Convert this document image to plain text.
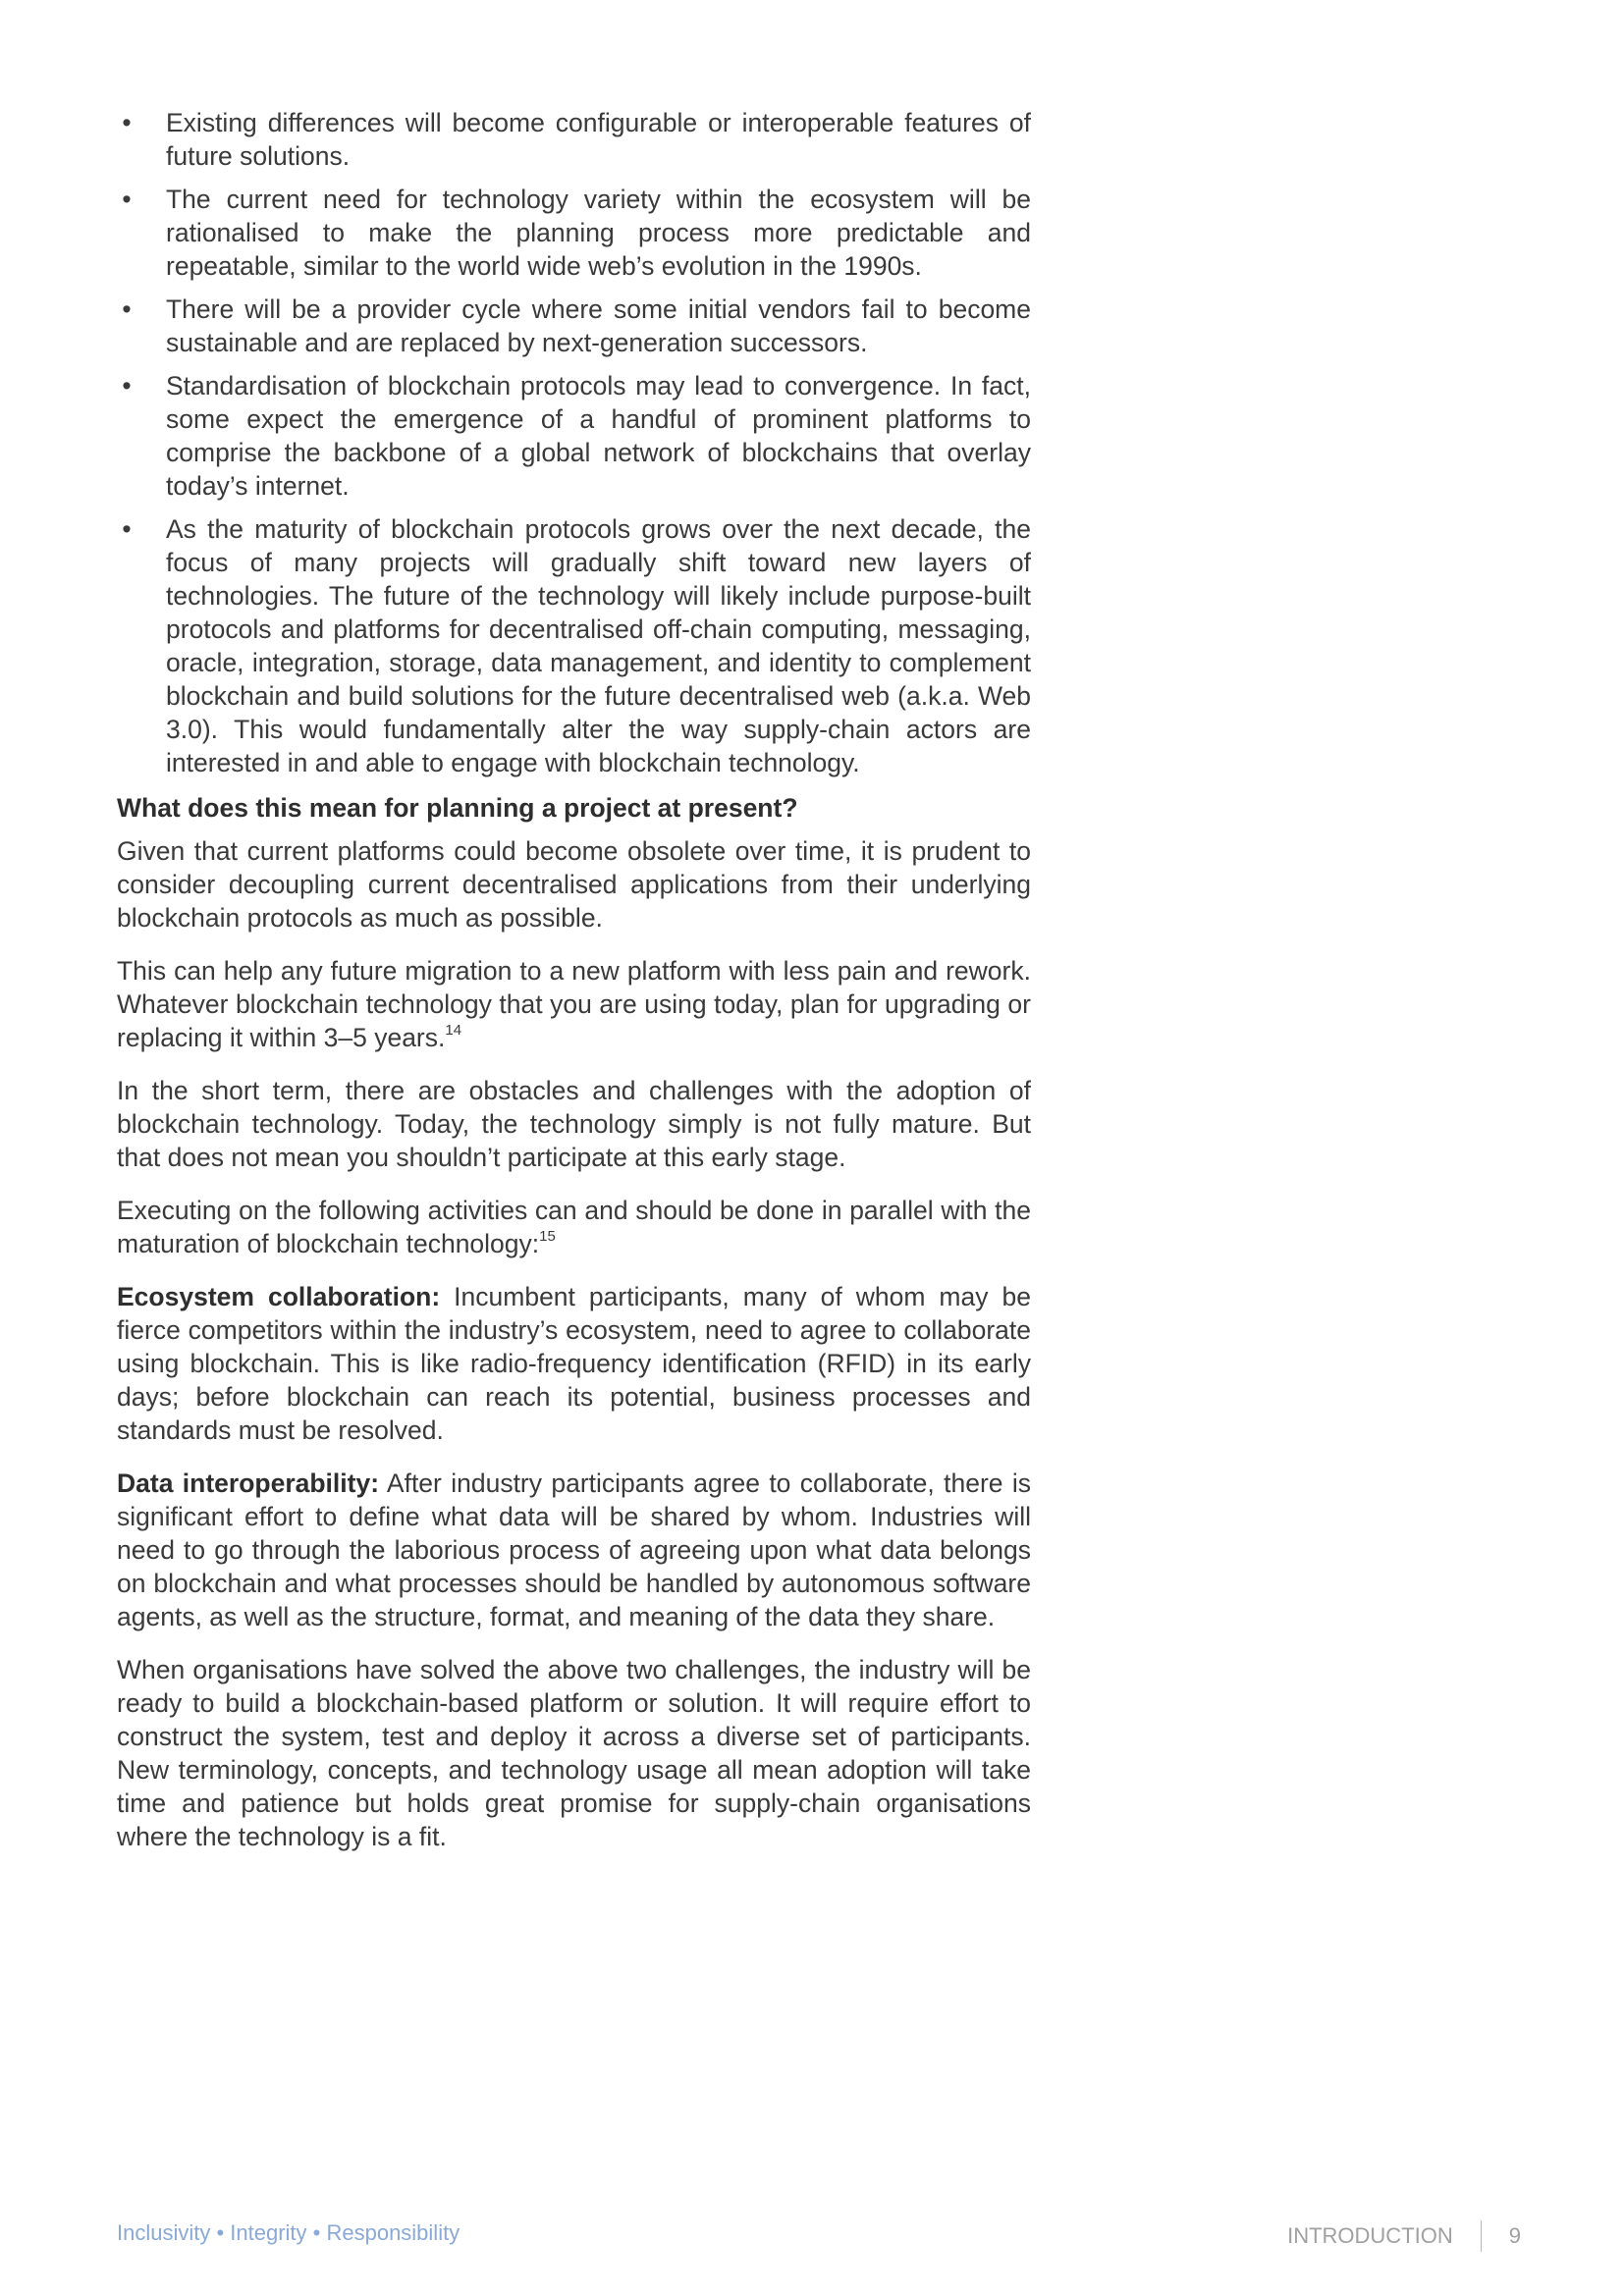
• Existing differences will become configurable or interoperable features of future solutions.
• The current need for technology variety within the ecosystem will be rationalised to make the planning process more predictable and repeatable, similar to the world wide web’s evolution in the 1990s.
• There will be a provider cycle where some initial vendors fail to become sustainable and are replaced by next-generation successors.
• Standardisation of blockchain protocols may lead to convergence. In fact, some expect the emergence of a handful of prominent platforms to comprise the backbone of a global network of blockchains that overlay today’s internet.
• As the maturity of blockchain protocols grows over the next decade, the focus of many projects will gradually shift toward new layers of technologies. The future of the technology will likely include purpose-built protocols and platforms for decentralised off-chain computing, messaging, oracle, integration, storage, data management, and identity to complement blockchain and build solutions for the future decentralised web (a.k.a. Web 3.0). This would fundamentally alter the way supply-chain actors are interested in and able to engage with blockchain technology.
What does this mean for planning a project at present?

Given that current platforms could become obsolete over time, it is prudent to consider decoupling current decentralised applications from their underlying blockchain protocols as much as possible.

This can help any future migration to a new platform with less pain and rework. Whatever blockchain technology that you are using today, plan for upgrading or replacing it within 3–5 years.$^{14}$

In the short term, there are obstacles and challenges with the adoption of blockchain technology. Today, the technology simply is not fully mature. But that does not mean you shouldn’t participate at this early stage.

Executing on the following activities can and should be done in parallel with the maturation of blockchain technology:$^{15}$

Ecosystem collaboration: Incumbent participants, many of whom may be fierce competitors within the industry’s ecosystem, need to agree to collaborate using blockchain. This is like radio-frequency identification (RFID) in its early days; before blockchain can reach its potential, business processes and standards must be resolved.

Data interoperability: After industry participants agree to collaborate, there is significant effort to define what data will be shared by whom. Industries will need to go through the laborious process of agreeing upon what data belongs on blockchain and what processes should be handled by autonomous software agents, as well as the structure, format, and meaning of the data they share.

When organisations have solved the above two challenges, the industry will be ready to build a blockchain-based platform or solution. It will require effort to construct the system, test and deploy it across a diverse set of participants. New terminology, concepts, and technology usage all mean adoption will take time and patience but holds great promise for supply-chain organisations where the technology is a fit.

Inclusivity • Integrity • Responsibility	INTRODUCTION	9
